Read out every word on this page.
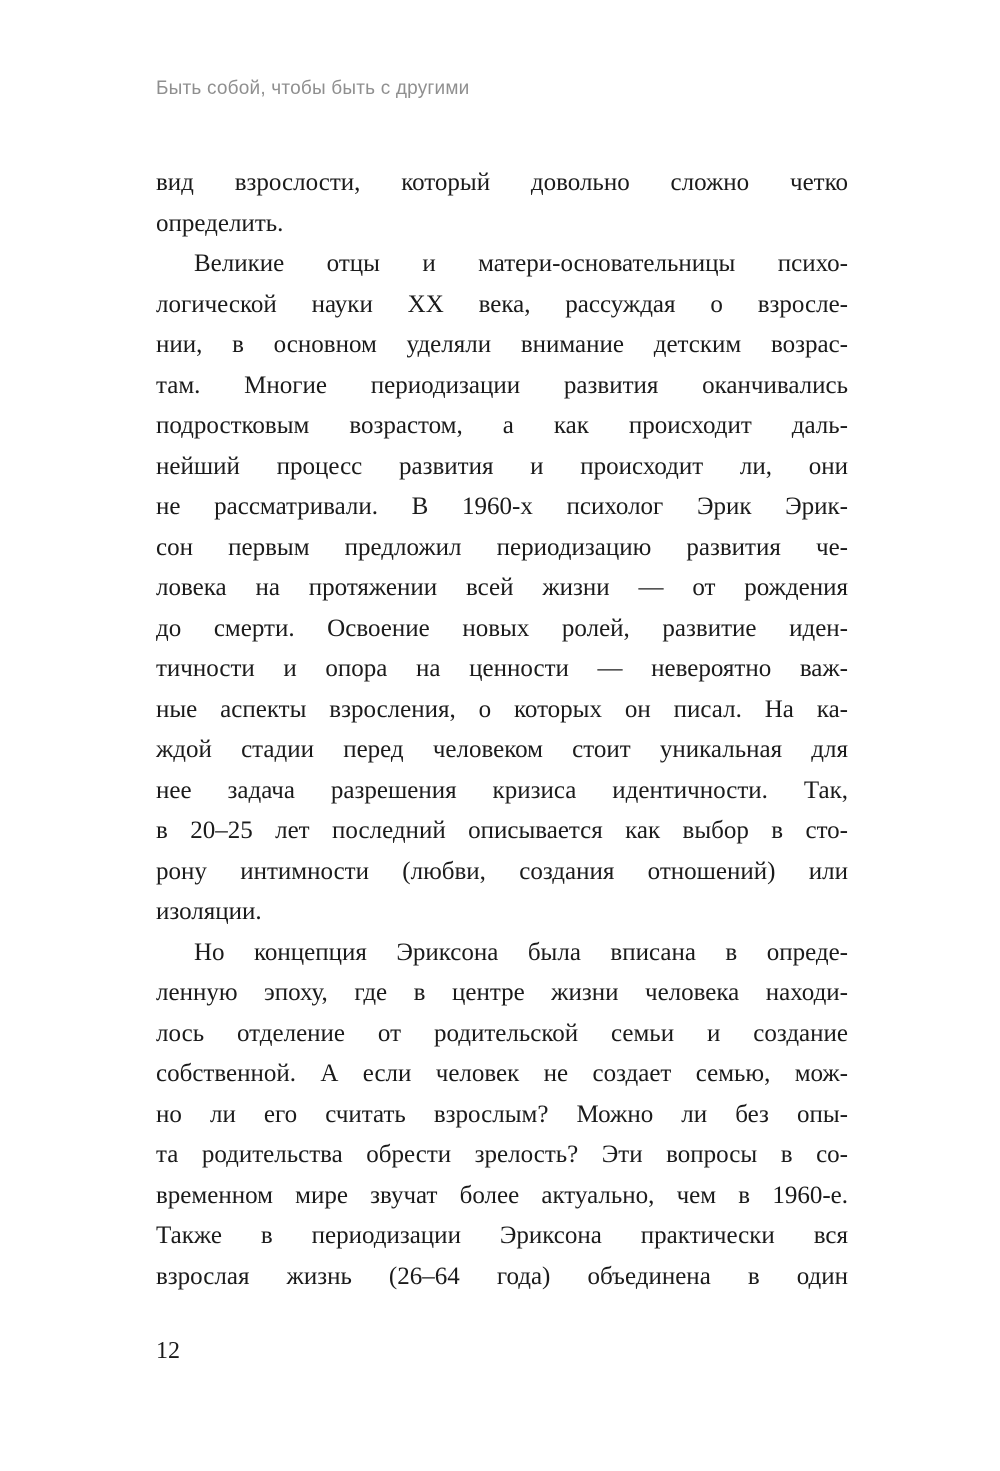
Быть собой, чтобы быть с другими
вид взрослости, который довольно сложно четко
определить.
Великие отцы и матери-основательницы психо-
логической науки XX века, рассуждая о взросле-
нии, в основном уделяли внимание детским возрас-
там. Многие периодизации развития оканчивались
подростковым возрастом, а как происходит даль-
нейший процесс развития и происходит ли, они
не рассматривали. В 1960-х психолог Эрик Эрик-
сон первым предложил периодизацию развития че-
ловека на протяжении всей жизни — от рождения
до смерти. Освоение новых ролей, развитие иден-
тичности и опора на ценности — невероятно важ-
ные аспекты взросления, о которых он писал. На ка-
ждой стадии перед человеком стоит уникальная для
нее задача разрешения кризиса идентичности. Так,
в 20–25 лет последний описывается как выбор в сто-
рону интимности (любви, создания отношений) или
изоляции.
Но концепция Эриксона была вписана в опреде-
ленную эпоху, где в центре жизни человека находи-
лось отделение от родительской семьи и создание
собственной. А если человек не создает семью, мож-
но ли его считать взрослым? Можно ли без опы-
та родительства обрести зрелость? Эти вопросы в со-
временном мире звучат более актуально, чем в 1960-е.
Также в периодизации Эриксона практически вся
взрослая жизнь (26–64 года) объединена в один
12
